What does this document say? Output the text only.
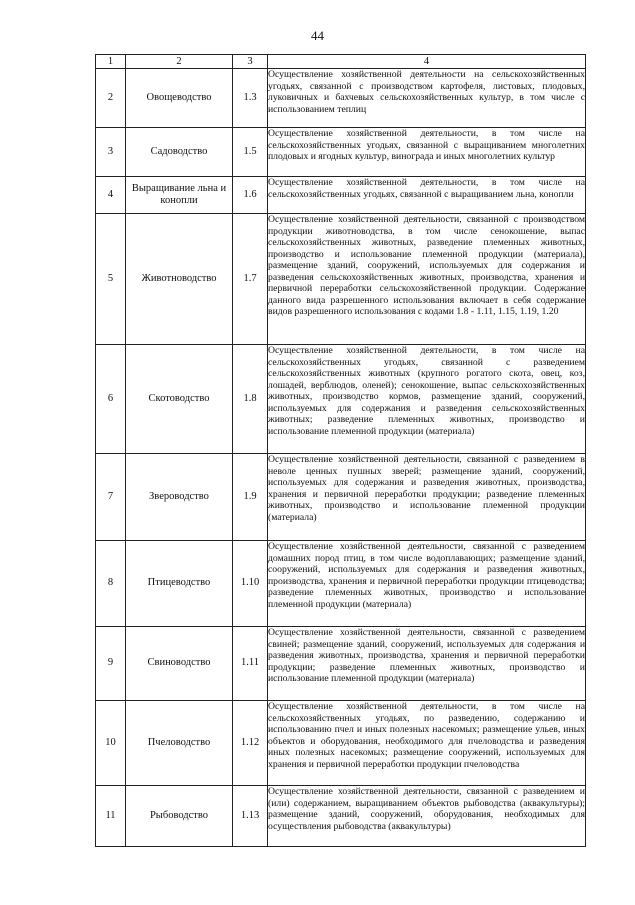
44
1	2	3	4
2	Овощеводство	1.3	Осуществление хозяйственной деятельности на сельскохозяйственных угодьях, связанной с производством картофеля, листовых, плодовых, луковичных и бахчевых сельскохозяйственных культур, в том числе с использованием теплиц
3	Садоводство	1.5	Осуществление хозяйственной деятельности, в том числе на сельскохозяйственных угодьях, связанной с выращиванием многолетних плодовых и ягодных культур, винограда и иных многолетних культур
4	Выращивание льна и конопли	1.6	Осуществление хозяйственной деятельности, в том числе на сельскохозяйственных угодьях, связанной с выращиванием льна, конопли
5	Животноводство	1.7	Осуществление хозяйственной деятельности, связанной с производством продукции животноводства, в том числе сенокошение, выпас сельскохозяйственных животных, разведение племенных животных, производство и использование племенной продукции (материала), размещение зданий, сооружений, используемых для содержания и разведения сельскохозяйственных животных, производства, хранения и первичной переработки сельскохозяйственной продукции. Содержание данного вида разрешенного использования включает в себя содержание видов разрешенного использования с кодами 1.8 - 1.11, 1.15, 1.19, 1.20
6	Скотоводство	1.8	Осуществление хозяйственной деятельности, в том числе на сельскохозяйственных угодьях, связанной с разведением сельскохозяйственных животных (крупного рогатого скота, овец, коз, лошадей, верблюдов, оленей); сенокошение, выпас сельскохозяйственных животных, производство кормов, размещение зданий, сооружений, используемых для содержания и разведения сельскохозяйственных животных; разведение племенных животных, производство и использование племенной продукции (материала)
7	Звероводство	1.9	Осуществление хозяйственной деятельности, связанной с разведением в неволе ценных пушных зверей; размещение зданий, сооружений, используемых для содержания и разведения животных, производства, хранения и первичной переработки продукции; разведение племенных животных, производство и использование племенной продукции (материала)
8	Птицеводство	1.10	Осуществление хозяйственной деятельности, связанной с разведением домашних пород птиц, в том числе водоплавающих; размещение зданий, сооружений, используемых для содержания и разведения животных, производства, хранения и первичной переработки продукции птицеводства; разведение племенных животных, производство и использование племенной продукции (материала)
9	Свиноводство	1.11	Осуществление хозяйственной деятельности, связанной с разведением свиней; размещение зданий, сооружений, используемых для содержания и разведения животных, производства, хранения и первичной переработки продукции; разведение племенных животных, производство и использование племенной продукции (материала)
10	Пчеловодство	1.12	Осуществление хозяйственной деятельности, в том числе на сельскохозяйственных угодьях, по разведению, содержанию и использованию пчел и иных полезных насекомых; размещение ульев, иных объектов и оборудования, необходимого для пчеловодства и разведения иных полезных насекомых; размещение сооружений, используемых для хранения и первичной переработки продукции пчеловодства
11	Рыбоводство	1.13	Осуществление хозяйственной деятельности, связанной с разведением и (или) содержанием, выращиванием объектов рыбоводства (аквакультуры); размещение зданий, сооружений, оборудования, необходимых для осуществления рыбоводства (аквакультуры)
